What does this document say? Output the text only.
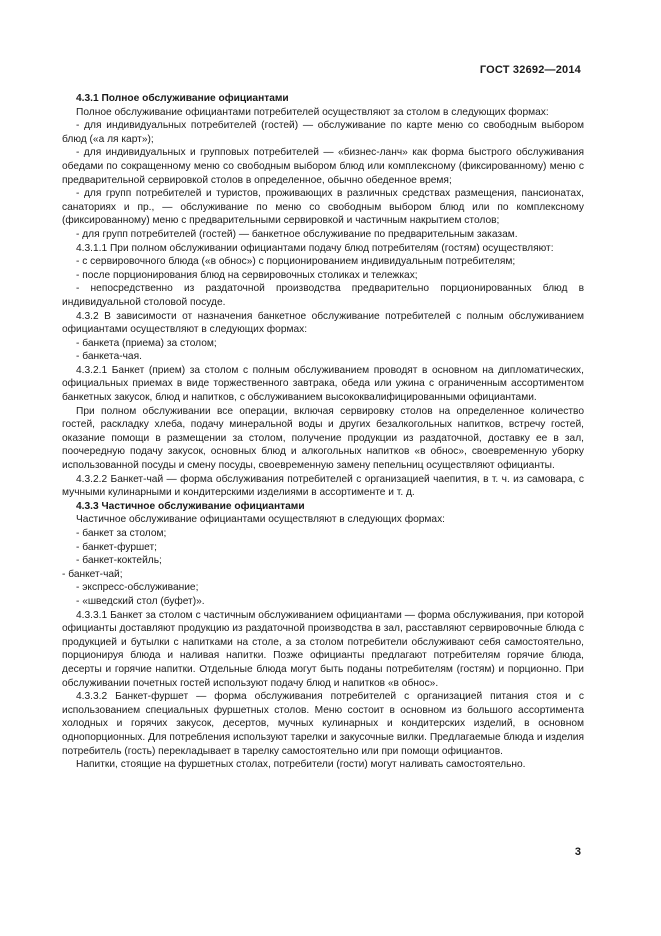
ГОСТ 32692—2014

4.3.1 Полное обслуживание официантами

Полное обслуживание официантами потребителей осуществляют за столом в следующих формах:

- для индивидуальных потребителей (гостей) — обслуживание по карте меню со свободным выбором блюд («а ля карт»);

- для индивидуальных и групповых потребителей — «бизнес-ланч» как форма быстрого обслуживания обедами по сокращенному меню со свободным выбором блюд или комплексному (фиксированному) меню с предварительной сервировкой столов в определенное, обычно обеденное время;

- для групп потребителей и туристов, проживающих в различных средствах размещения, пансионатах, санаториях и пр., — обслуживание по меню со свободным выбором блюд или по комплексному (фиксированному) меню с предварительными сервировкой и частичным накрытием столов;

- для групп потребителей (гостей) — банкетное обслуживание по предварительным заказам.

4.3.1.1 При полном обслуживании официантами подачу блюд потребителям (гостям) осуществляют:

- с сервировочного блюда («в обнос») с порционированием индивидуальным потребителям;

- после порционирования блюд на сервировочных столиках и тележках;

- непосредственно из раздаточной производства предварительно порционированных блюд в индивидуальной столовой посуде.

4.3.2 В зависимости от назначения банкетное обслуживание потребителей с полным обслуживанием официантами осуществляют в следующих формах:

- банкета (приема) за столом;

- банкета-чая.

4.3.2.1 Банкет (прием) за столом с полным обслуживанием проводят в основном на дипломатических, официальных приемах в виде торжественного завтрака, обеда или ужина с ограниченным ассортиментом банкетных закусок, блюд и напитков, с обслуживанием высококвалифицированными официантами.

При полном обслуживании все операции, включая сервировку столов на определенное количество гостей, раскладку хлеба, подачу минеральной воды и других безалкогольных напитков, встречу гостей, оказание помощи в размещении за столом, получение продукции из раздаточной, доставку ее в зал, поочередную подачу закусок, основных блюд и алкогольных напитков «в обнос», своевременную уборку использованной посуды и смену посуды, своевременную замену пепельниц осуществляют официанты.

4.3.2.2 Банкет-чай — форма обслуживания потребителей с организацией чаепития, в т. ч. из самовара, с мучными кулинарными и кондитерскими изделиями в ассортименте и т. д.

4.3.3 Частичное обслуживание официантами

Частичное обслуживание официантами осуществляют в следующих формах:

- банкет за столом;

- банкет-фуршет;

- банкет-коктейль;

- банкет-чай;

- экспресс-обслуживание;

- «шведский стол (буфет)».

4.3.3.1 Банкет за столом с частичным обслуживанием официантами — форма обслуживания, при которой официанты доставляют продукцию из раздаточной производства в зал, расставляют сервировочные блюда с продукцией и бутылки с напитками на столе, а за столом потребители обслуживают себя самостоятельно, порционируя блюда и наливая напитки. Позже официанты предлагают потребителям горячие блюда, десерты и горячие напитки. Отдельные блюда могут быть поданы потребителям (гостям) и порционно. При обслуживании почетных гостей используют подачу блюд и напитков «в обнос».

4.3.3.2 Банкет-фуршет — форма обслуживания потребителей с организацией питания стоя и с использованием специальных фуршетных столов. Меню состоит в основном из большого ассортимента холодных и горячих закусок, десертов, мучных кулинарных и кондитерских изделий, в основном однопорционных. Для потребления используют тарелки и закусочные вилки. Предлагаемые блюда и изделия потребитель (гость) перекладывает в тарелку самостоятельно или при помощи официантов.

Напитки, стоящие на фуршетных столах, потребители (гости) могут наливать самостоятельно.

3
